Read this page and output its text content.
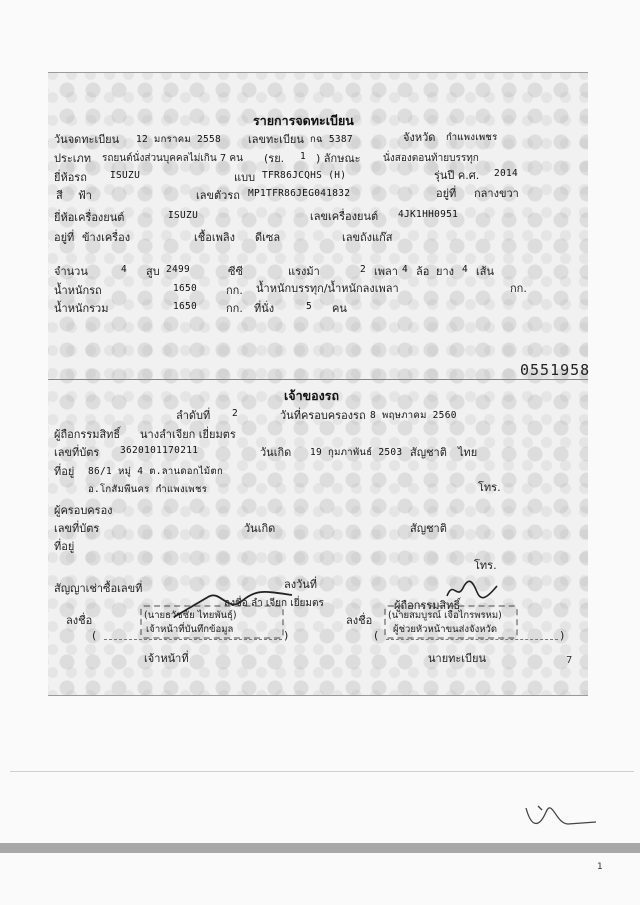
รายการจดทะเบียน
วันจดทะเบียน 12 มกราคม 2558 เลขทะเบียน กฉ 5387	จังหวัด กำแพงเพชร
ประเภท รถยนต์นั่งส่วนบุคคลไม่เกิน 7 คน (รย. 1 ) ลักษณะ นั่งสองตอนท้ายบรรทุก
ยี่ห้อรถ ISUZU	แบบ TFR86JCQHS (H)	รุ่นปี ค.ศ. 2014
สี ฟ้า	เลขตัวรถ MP1TFR86JEG041832	อยู่ที่ กลางขวา
ยี่ห้อเครื่องยนต์	ISUZU	เลขเครื่องยนต์ 4JK1HH0951
อยู่ที่ ข้างเครื่อง	เชื้อเพลิง ดีเซล	เลขถังแก๊ส
จำนวน	4 สูบ 2499	ซีซี	แรงม้า	2 เพลา 4 ล้อ ยาง 4 เส้น
น้ำหนักรถ	1650	กก. น้ำหนักบรรทุก/น้ำหนักลงเพลา	กก.
น้ำหนักรวม	1650	กก. ที่นั่ง	5 คน
0551958
เจ้าของรถ
ลำดับที่ 2	วันที่ครอบครองรถ 8 พฤษภาคม 2560
ผู้ถือกรรมสิทธิ์ นางลำเจียก เยี่ยมตร
เลขที่บัตร 3620101170211	วันเกิด 19 กุมภาพันธ์ 2503 สัญชาติ ไทย
ที่อยู่ 86/1 หมู่ 4 ต.ลานดอกไม้ตก
อ.โกสัมพีนคร กำแพงเพชร	โทร.
ผู้ครอบครอง
เลขที่บัตร	วันเกิด	สัญชาติ
ที่อยู่
โทร.
สัญญาเช่าซื้อเลขที่	ลงวันที่
ลงชื่อ ลำ เจียก เยี่ยมตร	ผู้ถือกรรมสิทธิ์
ลงชื่อ	(นายธวัชชัย ไทยพันธุ์)
เจ้าหน้าที่บันทึกข้อมูล
(	)
เจ้าหน้าที่
ลงชื่อ (นายสมบูรณ์ เจือไกรพรหม)
ผู้ช่วยหัวหน้าขนส่งจังหวัด
(	)
นายทะเบียน	7
1
